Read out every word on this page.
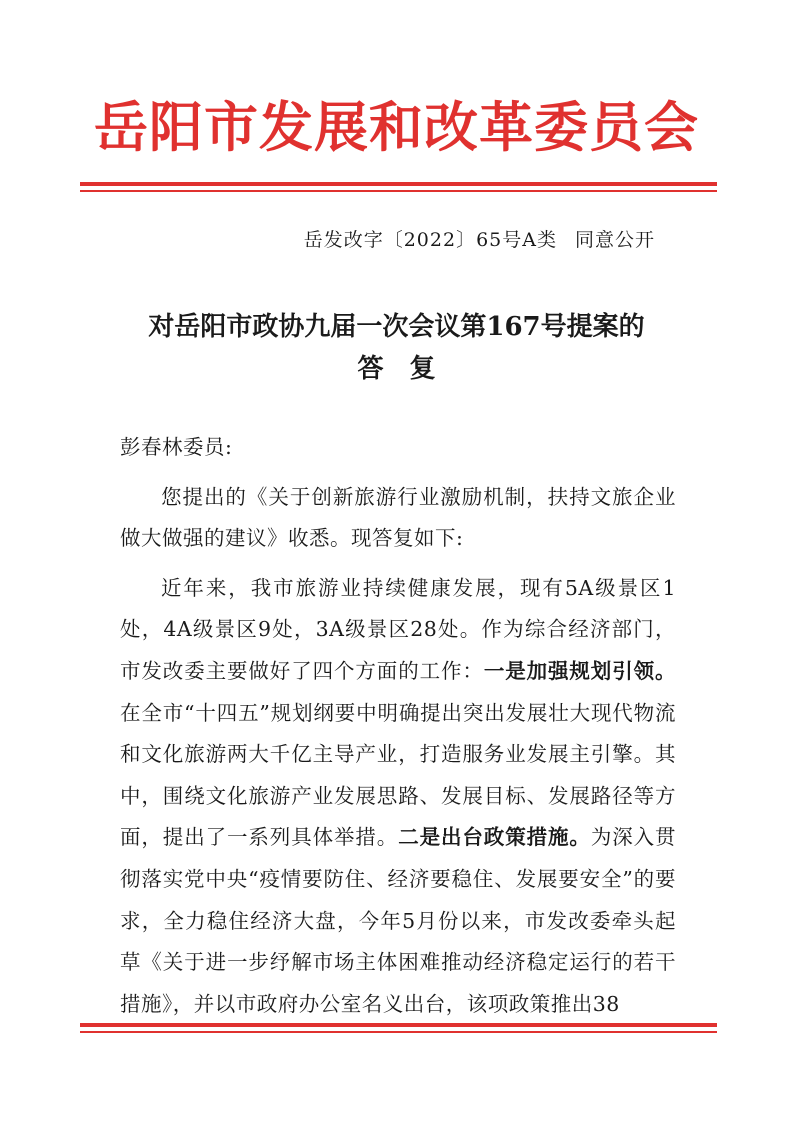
岳阳市发展和改革委员会
岳发改字〔2022〕65号A类 同意公开
对岳阳市政协九届一次会议第167号提案的
答复

彭春林委员:

您提出的《关于创新旅游行业激励机制，扶持文旅企业做大做强的建议》收悉。现答复如下:

近年来，我市旅游业持续健康发展，现有5A级景区1处，4A级景区9处，3A级景区28处。作为综合经济部门，市发改委主要做好了四个方面的工作：一是加强规划引领。在全市“十四五”规划纲要中明确提出突出发展壮大现代物流和文化旅游两大千亿主导产业，打造服务业发展主引擎。其中，围绕文化旅游产业发展思路、发展目标、发展路径等方面，提出了一系列具体举措。二是出台政策措施。为深入贯彻落实党中央“疫情要防住、经济要稳住、发展要安全”的要求，全力稳住经济大盘，今年5月份以来，市发改委牵头起草《关于进一步纾解市场主体困难推动经济稳定运行的若干措施》，并以市政府办公室名义出台，该项政策推出38
